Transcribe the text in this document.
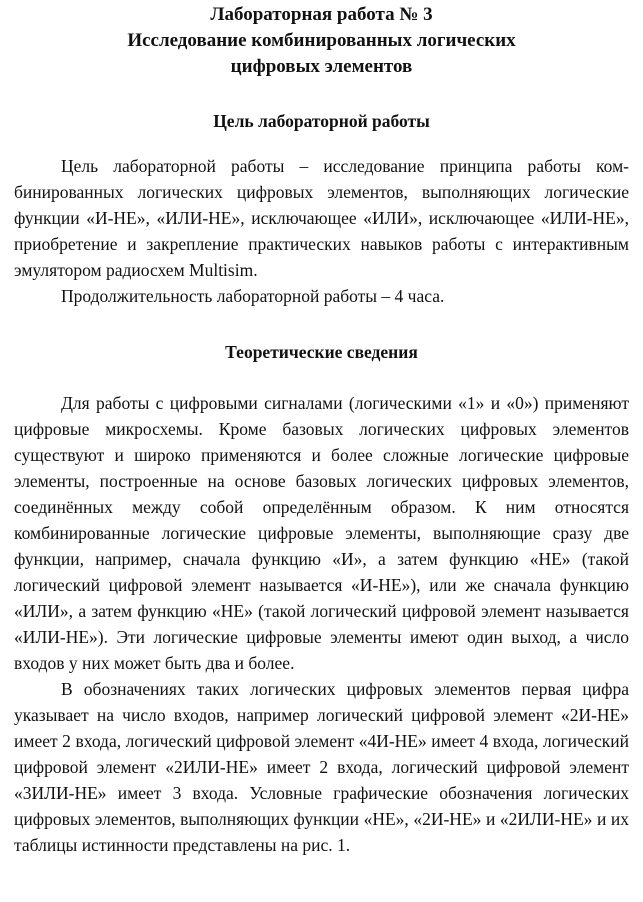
Лабораторная работа № 3
Исследование комбинированных логических
цифровых элементов
Цель лабораторной работы

Цель лабораторной работы – исследование принципа работы комбинированных логических цифровых элементов, выполняющих логические функции «И-НЕ», «ИЛИ-НЕ», исключающее «ИЛИ», исключающее «ИЛИ-НЕ», приобретение и закрепление практических навыков работы с интерактивным эмулятором радиосхем Multisim.

Продолжительность лабораторной работы – 4 часа.

Теоретические сведения

Для работы с цифровыми сигналами (логическими «1» и «0») применяют цифровые микросхемы. Кроме базовых логических цифровых элементов существуют и широко применяются и более сложные логические цифровые элементы, построенные на основе базовых логических цифровых элементов, соединённых между собой определённым образом. К ним относятся комбинированные логические цифровые элементы, выполняющие сразу две функции, например, сначала функцию «И», а затем функцию «НЕ» (такой логический цифровой элемент называется «И-НЕ»), или же сначала функцию «ИЛИ», а затем функцию «НЕ» (такой логический цифровой элемент называется «ИЛИ-НЕ»). Эти логические цифровые элементы имеют один выход, а число входов у них может быть два и более.

В обозначениях таких логических цифровых элементов первая цифра указывает на число входов, например логический цифровой элемент «2И-НЕ» имеет 2 входа, логический цифровой элемент «4И-НЕ» имеет 4 входа, логический цифровой элемент «2ИЛИ-НЕ» имеет 2 входа, логический цифровой элемент «3ИЛИ-НЕ» имеет 3 входа. Условные графические обозначения логических цифровых элементов, выполняющих функции «НЕ», «2И-НЕ» и «2ИЛИ-НЕ» и их таблицы истинности представлены на рис. 1.
